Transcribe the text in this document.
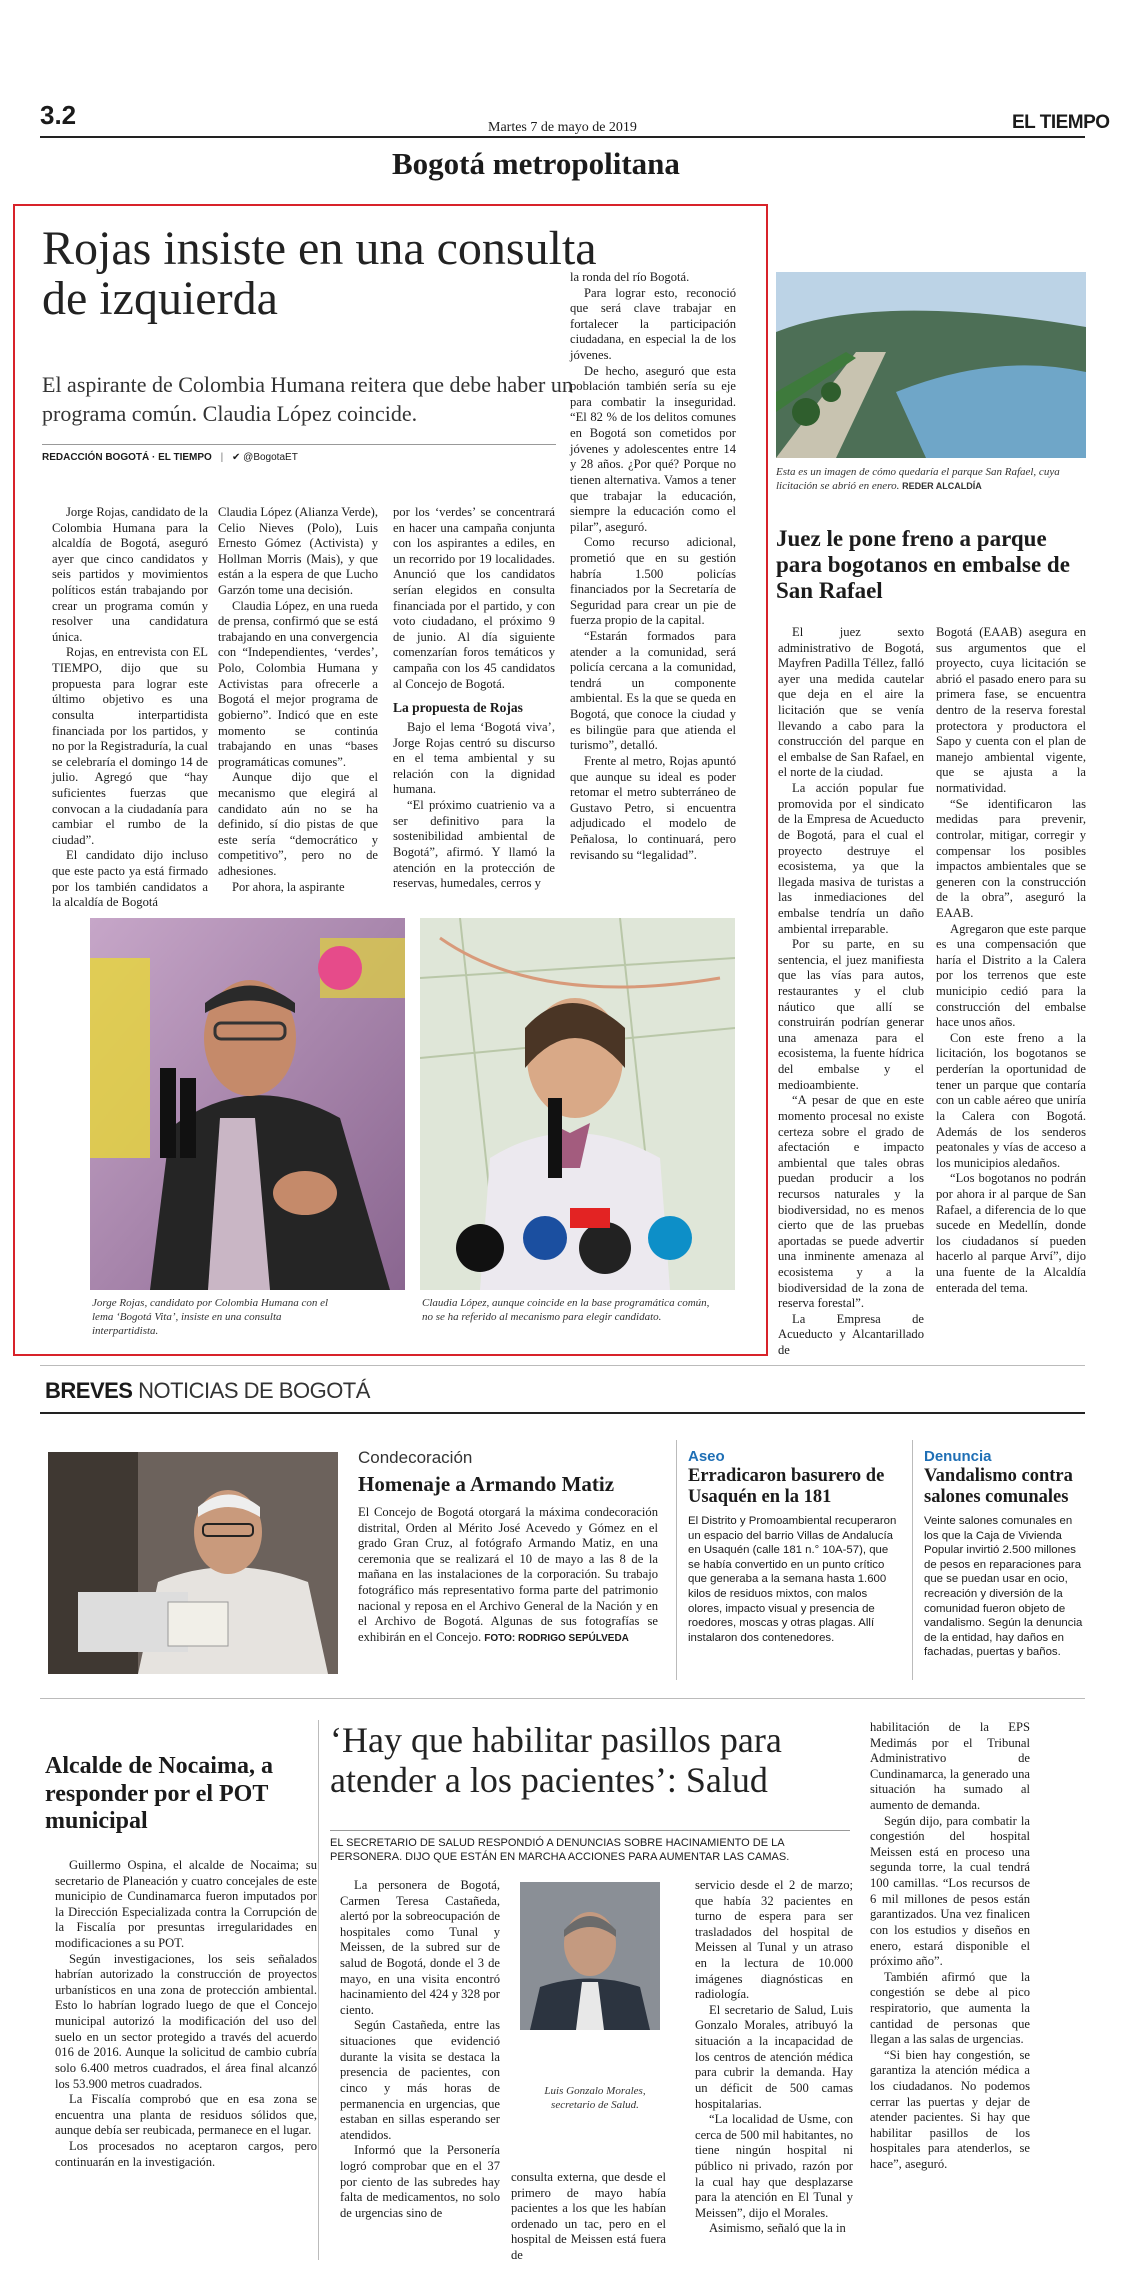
3.2	Martes 7 de mayo de 2019	EL TIEMPO
Bogotá metropolitana
Rojas insiste en una consulta de izquierda
El aspirante de Colombia Humana reitera que debe haber un programa común. Claudia López coincide.
REDACCIÓN BOGOTÁ · EL TIEMPO | ✔ @BogotaET

Jorge Rojas, candidato de la Colombia Humana para la alcaldía de Bogotá, aseguró ayer que cinco candidatos y seis partidos y movimientos políticos están trabajando por crear un programa común y resolver una candidatura única.

Rojas, en entrevista con EL TIEMPO, dijo que su propuesta para lograr este último objetivo es una consulta interpartidista financiada por los partidos, y no por la Registraduría, la cual se celebraría el domingo 14 de julio. Agregó que “hay suficientes fuerzas que convocan a la ciudadanía para cambiar el rumbo de la ciudad”.

El candidato dijo incluso que este pacto ya está firmado por los también candidatos a la alcaldía de Bogotá

Claudia López (Alianza Verde), Celio Nieves (Polo), Luis Ernesto Gómez (Activista) y Hollman Morris (Mais), y que están a la espera de que Lucho Garzón tome una decisión.

Claudia López, en una rueda de prensa, confirmó que se está trabajando en una convergencia con “Independientes, ‘verdes’, Polo, Colombia Humana y Activistas para ofrecerle a Bogotá el mejor programa de gobierno”. Indicó que en este momento se continúa trabajando en unas “bases programáticas comunes”.

Aunque dijo que el mecanismo que elegirá al candidato aún no se ha definido, sí dio pistas de que este sería “democrático y competitivo”, pero no de adhesiones.

Por ahora, la aspirante

por los ‘verdes’ se concentrará en hacer una campaña conjunta con los aspirantes a ediles, en un recorrido por 19 localidades. Anunció que los candidatos serían elegidos en consulta financiada por el partido, y con voto ciudadano, el próximo 9 de junio. Al día siguiente comenzarían foros temáticos y campaña con los 45 candidatos al Concejo de Bogotá.

La propuesta de Rojas

Bajo el lema ‘Bogotá viva’, Jorge Rojas centró su discurso en el tema ambiental y su relación con la dignidad humana.

“El próximo cuatrienio va a ser definitivo para la sostenibilidad ambiental de Bogotá”, afirmó. Y llamó la atención en la protección de reservas, humedales, cerros y

la ronda del río Bogotá.

Para lograr esto, reconoció que será clave trabajar en fortalecer la participación ciudadana, en especial la de los jóvenes.

De hecho, aseguró que esta población también sería su eje para combatir la inseguridad. “El 82 % de los delitos comunes en Bogotá son cometidos por jóvenes y adolescentes entre 14 y 28 años. ¿Por qué? Porque no tienen alternativa. Vamos a tener que trabajar la educación, siempre la educación como el pilar”, aseguró.

Como recurso adicional, prometió que en su gestión habría 1.500 policías financiados por la Secretaría de Seguridad para crear un pie de fuerza propio de la capital.

“Estarán formados para atender a la comunidad, será policía cercana a la comunidad, tendrá un componente ambiental. Es la que se queda en Bogotá, que conoce la ciudad y es bilingüe para que atienda el turismo”, detalló.

Frente al metro, Rojas apuntó que aunque su ideal es poder retomar el metro subterráneo de Gustavo Petro, si encuentra adjudicado el modelo de Peñalosa, lo continuará, pero revisando su “legalidad”.

Jorge Rojas, candidato por Colombia Humana con el lema ‘Bogotá Vita’, insiste en una consulta interpartidista.
Claudia López, aunque coincide en la base programática común, no se ha referido al mecanismo para elegir candidato.
Esta es un imagen de cómo quedaría el parque San Rafael, cuya licitación se abrió en enero. REDER ALCALDÍA
Juez le pone freno a parque para bogotanos en embalse de San Rafael

El juez sexto administrativo de Bogotá, Mayfren Padilla Téllez, falló ayer una medida cautelar que deja en el aire la licitación que se venía llevando a cabo para la construcción del parque en el embalse de San Rafael, en el norte de la ciudad.

La acción popular fue promovida por el sindicato de la Empresa de Acueducto de Bogotá, para el cual el proyecto destruye el ecosistema, ya que la llegada masiva de turistas a las inmediaciones del embalse tendría un daño ambiental irreparable.

Por su parte, en su sentencia, el juez manifiesta que las vías para autos, restaurantes y el club náutico que allí se construirán podrían generar una amenaza para el ecosistema, la fuente hídrica del embalse y el medioambiente.

“A pesar de que en este momento procesal no existe certeza sobre el grado de afectación e impacto ambiental que tales obras puedan producir a los recursos naturales y la biodiversidad, no es menos cierto que de las pruebas aportadas se puede advertir una inminente amenaza al ecosistema y a la biodiversidad de la zona de reserva forestal”.

La Empresa de Acueducto y Alcantarillado de

Bogotá (EAAB) asegura en sus argumentos que el proyecto, cuya licitación se abrió el pasado enero para su primera fase, se encuentra dentro de la reserva forestal protectora y productora el Sapo y cuenta con el plan de manejo ambiental vigente, que se ajusta a la normatividad.

“Se identificaron las medidas para prevenir, controlar, mitigar, corregir y compensar los posibles impactos ambientales que se generen con la construcción de la obra”, aseguró la EAAB.

Agregaron que este parque es una compensación que haría el Distrito a la Calera por los terrenos que este municipio cedió para la construcción del embalse hace unos años.

Con este freno a la licitación, los bogotanos se perderían la oportunidad de tener un parque que contaría con un cable aéreo que uniría la Calera con Bogotá. Además de los senderos peatonales y vías de acceso a los municipios aledaños.

“Los bogotanos no podrán por ahora ir al parque de San Rafael, a diferencia de lo que sucede en Medellín, donde los ciudadanos sí pueden hacerlo al parque Arví”, dijo una fuente de la Alcaldía enterada del tema.

BREVES NOTICIAS DE BOGOTÁ
Condecoración
Homenaje a Armando Matiz
El Concejo de Bogotá otorgará la máxima condecoración distrital, Orden al Mérito José Acevedo y Gómez en el grado Gran Cruz, al fotógrafo Armando Matiz, en una ceremonia que se realizará el 10 de mayo a las 8 de la mañana en las instalaciones de la corporación. Su trabajo fotográfico más representativo forma parte del patrimonio nacional y reposa en el Archivo General de la Nación y en el Archivo de Bogotá. Algunas de sus fotografías se exhibirán en el Concejo. FOTO: RODRIGO SEPÚLVEDA
Aseo
Erradicaron basurero de Usaquén en la 181
El Distrito y Promoambiental recuperaron un espacio del barrio Villas de Andalucía en Usaquén (calle 181 n.° 10A-57), que se había convertido en un punto crítico que generaba a la semana hasta 1.600 kilos de residuos mixtos, con malos olores, impacto visual y presencia de roedores, moscas y otras plagas. Allí instalaron dos contenedores.
Denuncia
Vandalismo contra salones comunales
Veinte salones comunales en los que la Caja de Vivienda Popular invirtió 2.500 millones de pesos en reparaciones para que se puedan usar en ocio, recreación y diversión de la comunidad fueron objeto de vandalismo. Según la denuncia de la entidad, hay daños en fachadas, puertas y baños.
Alcalde de Nocaima, a responder por el POT municipal

Guillermo Ospina, el alcalde de Nocaima; su secretario de Planeación y cuatro concejales de este municipio de Cundinamarca fueron imputados por la Dirección Especializada contra la Corrupción de la Fiscalía por presuntas irregularidades en modificaciones a su POT.

Según investigaciones, los seis señalados habrían autorizado la construcción de proyectos urbanísticos en una zona de protección ambiental. Esto lo habrían logrado luego de que el Concejo municipal autorizó la modificación del uso del suelo en un sector protegido a través del acuerdo 016 de 2016. Aunque la solicitud de cambio cubría solo 6.400 metros cuadrados, el área final alcanzó los 53.900 metros cuadrados.

La Fiscalía comprobó que en esa zona se encuentra una planta de residuos sólidos que, aunque debía ser reubicada, permanece en el lugar.

Los procesados no aceptaron cargos, pero continuarán en la investigación.

‘Hay que habilitar pasillos para atender a los pacientes’: Salud
EL SECRETARIO DE SALUD RESPONDIÓ A DENUNCIAS SOBRE HACINAMIENTO DE LA PERSONERA. DIJO QUE ESTÁN EN MARCHA ACCIONES PARA AUMENTAR LAS CAMAS.

La personera de Bogotá, Carmen Teresa Castañeda, alertó por la sobreocupación de hospitales como Tunal y Meissen, de la subred sur de salud de Bogotá, donde el 3 de mayo, en una visita encontró hacinamiento del 424 y 328 por ciento.

Según Castañeda, entre las situaciones que evidenció durante la visita se destaca la presencia de pacientes, con cinco y más horas de permanencia en urgencias, que estaban en sillas esperando ser atendidos.

Informó que la Personería logró comprobar que en el 37 por ciento de las subredes hay falta de medicamentos, no solo de urgencias sino de

Luis Gonzalo Morales, secretario de Salud.
consulta externa, que desde el primero de mayo había pacientes a los que les habían ordenado un tac, pero en el hospital de Meissen está fuera de

servicio desde el 2 de marzo; que había 32 pacientes en turno de espera para ser trasladados del hospital de Meissen al Tunal y un atraso en la lectura de 10.000 imágenes diagnósticas en radiología.

El secretario de Salud, Luis Gonzalo Morales, atribuyó la situación a la incapacidad de los centros de atención médica para cubrir la demanda. Hay un déficit de 500 camas hospitalarias.

“La localidad de Usme, con cerca de 500 mil habitantes, no tiene ningún hospital ni público ni privado, razón por la cual hay que desplazarse para la atención en El Tunal y Meissen”, dijo el Morales.

Asimismo, señaló que la in

habilitación de la EPS Medimás por el Tribunal Administrativo de Cundinamarca, la generado una situación ha sumado al aumento de demanda.

Según dijo, para combatir la congestión del hospital Meissen está en proceso una segunda torre, la cual tendrá 100 camillas. “Los recursos de 6 mil millones de pesos están garantizados. Una vez finalicen con los estudios y diseños en enero, estará disponible el próximo año”.

También afirmó que la congestión se debe al pico respiratorio, que aumenta la cantidad de personas que llegan a las salas de urgencias.

“Si bien hay congestión, se garantiza la atención médica a los ciudadanos. No podemos cerrar las puertas y dejar de atender pacientes. Si hay que habilitar pasillos de los hospitales para atenderlos, se hace”, aseguró.
